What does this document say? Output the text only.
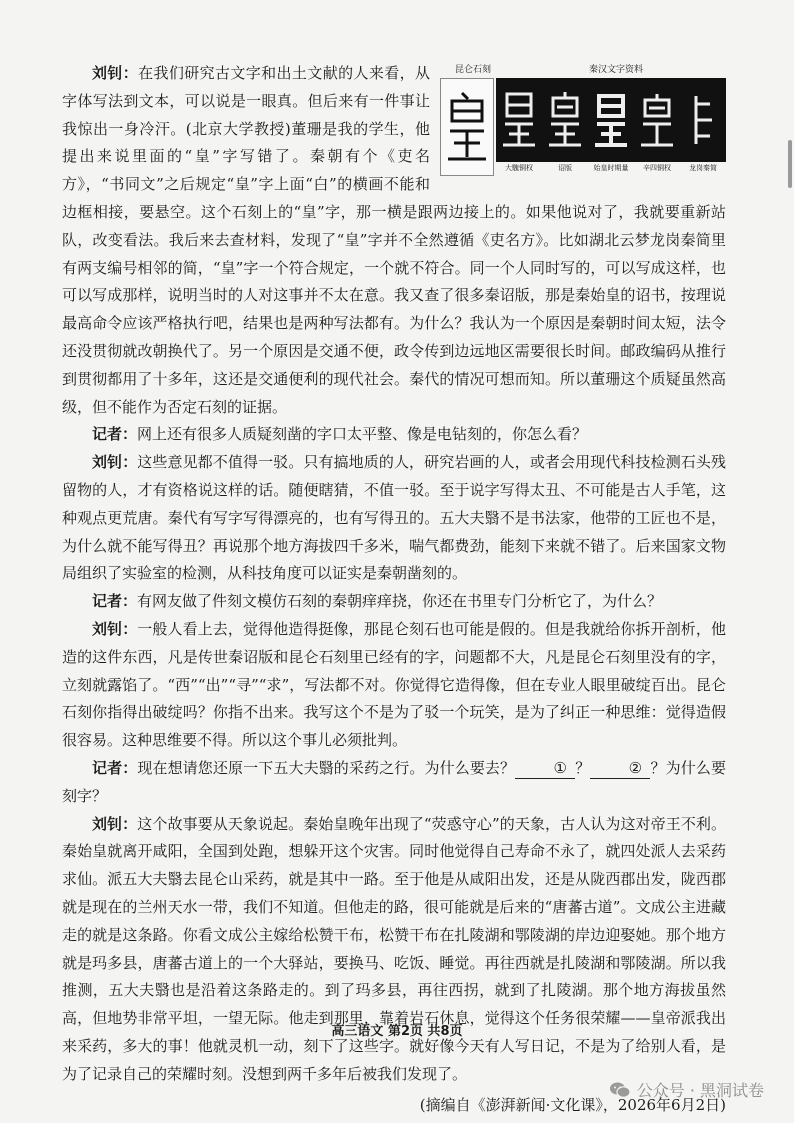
刘钊：	昆仑石刻	秦汉文字资料
大騩铜权	诏版	始皇时期量	辛四铜权	龙岗秦简
在我们研究古文字和出土文献的人来看，从字体写法到文本，可以说是一眼真。但后来有一件事让我惊出一身冷汗。(北京大学教授)董珊是我的学生，他提出来说里面的“皇”字写错了。秦朝有个《吏名方》，“书同文”之后规定“皇”字上面“白”的横画不能和边框相接，要悬空。这个石刻上的“皇”字，那一横是跟两边接上的。如果他说对了，我就要重新站队，改变看法。我后来去查材料，发现了“皇”字并不全然遵循《吏名方》。比如湖北云梦龙岗秦简里有两支编号相邻的简，“皇”字一个符合规定，一个就不符合。同一个人同时写的，可以写成这样，也可以写成那样，说明当时的人对这事并不太在意。我又查了很多秦诏版，那是秦始皇的诏书，按理说最高命令应该严格执行吧，结果也是两种写法都有。为什么？我认为一个原因是秦朝时间太短，法令还没贯彻就改朝换代了。另一个原因是交通不便，政令传到边远地区需要很长时间。邮政编码从推行到贯彻都用了十多年，这还是交通便利的现代社会。秦代的情况可想而知。所以董珊这个质疑虽然高级，但不能作为否定石刻的证据。

记者：网上还有很多人质疑刻凿的字口太平整、像是电钻刻的，你怎么看？

刘钊：这些意见都不值得一驳。只有搞地质的人，研究岩画的人，或者会用现代科技检测石头残留物的人，才有资格说这样的话。随便瞎猜，不值一驳。至于说字写得太丑、不可能是古人手笔，这种观点更荒唐。秦代有写字写得漂亮的，也有写得丑的。五大夫翳不是书法家，他带的工匠也不是，为什么就不能写得丑？再说那个地方海拔四千多米，喘气都费劲，能刻下来就不错了。后来国家文物局组织了实验室的检测，从科技角度可以证实是秦朝凿刻的。

记者：有网友做了件刻文模仿石刻的秦朝痒痒挠，你还在书里专门分析它了，为什么？

刘钊：一般人看上去，觉得他造得挺像，那昆仑刻石也可能是假的。但是我就给你拆开剖析，他造的这件东西，凡是传世秦诏版和昆仑石刻里已经有的字，问题都不大，凡是昆仑石刻里没有的字，立刻就露馅了。“西”“出”“寻”“求”，写法都不对。你觉得它造得像，但在专业人眼里破绽百出。昆仑石刻你指得出破绽吗？你指不出来。我写这个不是为了驳一个玩笑，是为了纠正一种思维：觉得造假很容易。这种思维要不得。所以这个事儿必须批判。

记者：现在想请您还原一下五大夫翳的采药之行。为什么要去？	① ？	② ？为什么要刻字？

刘钊：这个故事要从天象说起。秦始皇晚年出现了“荧惑守心”的天象，古人认为这对帝王不利。秦始皇就离开咸阳，全国到处跑，想躲开这个灾害。同时他觉得自己寿命不永了，就四处派人去采药求仙。派五大夫翳去昆仑山采药，就是其中一路。至于他是从咸阳出发，还是从陇西郡出发，陇西郡就是现在的兰州天水一带，我们不知道。但他走的路，很可能就是后来的“唐蕃古道”。文成公主进藏走的就是这条路。你看文成公主嫁给松赞干布，松赞干布在扎陵湖和鄂陵湖的岸边迎娶她。那个地方就是玛多县，唐蕃古道上的一个大驿站，要换马、吃饭、睡觉。再往西就是扎陵湖和鄂陵湖。所以我推测，五大夫翳也是沿着这条路走的。到了玛多县，再往西拐，就到了扎陵湖。那个地方海拔虽然高，但地势非常平坦，一望无际。他走到那里，靠着岩石休息，觉得这个任务很荣耀——皇帝派我出来采药，多大的事！他就灵机一动，刻下了这些字。就好像今天有人写日记，不是为了给别人看，是为了记录自己的荣耀时刻。没想到两千多年后被我们发现了。

(摘编自《澎湃新闻·文化课》，2026年6月2日)

高三语文 第2页 共8页
公众号 · 黑洞试卷
